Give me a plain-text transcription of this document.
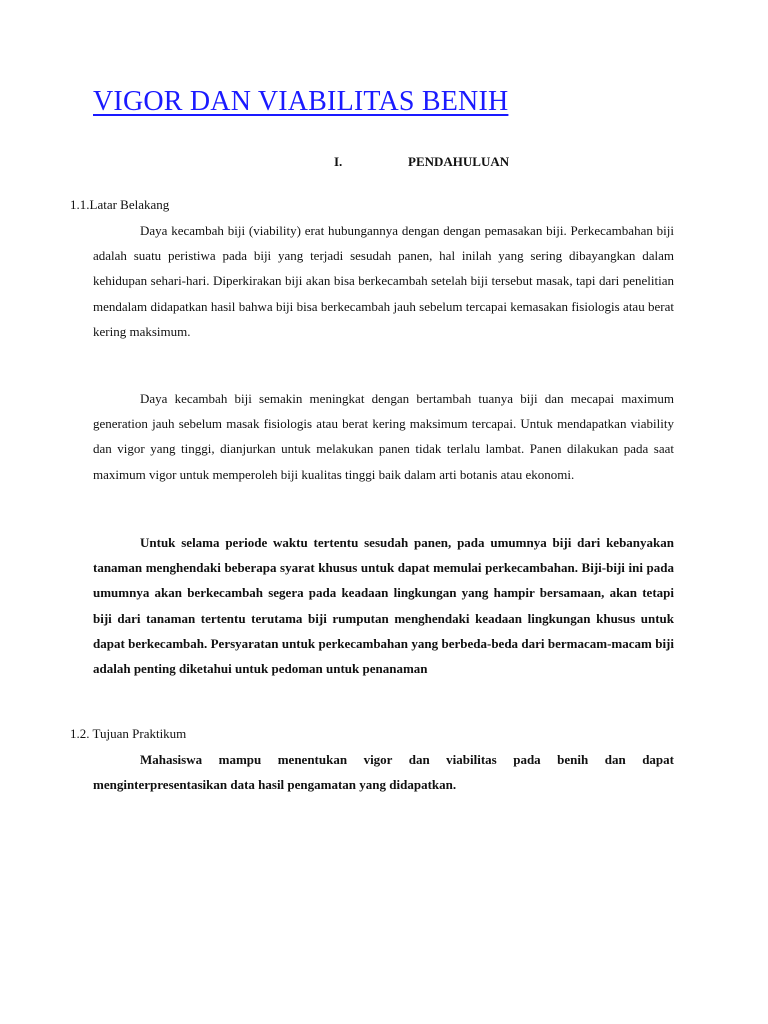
VIGOR DAN VIABILITAS BENIH
I.	PENDAHULUAN
1.1.Latar Belakang

Daya kecambah biji (viability) erat hubungannya dengan dengan pemasakan biji. Perkecambahan biji adalah suatu peristiwa pada biji yang terjadi sesudah panen, hal inilah yang sering dibayangkan dalam kehidupan sehari-hari. Diperkirakan biji akan bisa berkecambah setelah biji tersebut masak, tapi dari penelitian mendalam didapatkan hasil bahwa biji bisa berkecambah jauh sebelum tercapai kemasakan fisiologis atau berat kering maksimum.

Daya kecambah biji semakin meningkat dengan bertambah tuanya biji dan mecapai maximum generation jauh sebelum masak fisiologis atau berat kering maksimum tercapai. Untuk mendapatkan viability dan vigor yang tinggi, dianjurkan untuk melakukan panen tidak terlalu lambat. Panen dilakukan pada saat maximum vigor untuk memperoleh biji kualitas tinggi baik dalam arti botanis atau ekonomi.

Untuk selama periode waktu tertentu sesudah panen, pada umumnya biji dari kebanyakan tanaman menghendaki beberapa syarat khusus untuk dapat memulai perkecambahan. Biji-biji ini pada umumnya akan berkecambah segera pada keadaan lingkungan yang hampir bersamaan, akan tetapi biji dari tanaman tertentu terutama biji rumputan menghendaki keadaan lingkungan khusus untuk dapat berkecambah. Persyaratan untuk perkecambahan yang berbeda-beda dari bermacam-macam biji adalah penting diketahui untuk pedoman untuk penanaman

1.2. Tujuan Praktikum

Mahasiswa mampu menentukan vigor dan viabilitas pada benih dan dapat menginterpresentasikan data hasil pengamatan yang didapatkan.
